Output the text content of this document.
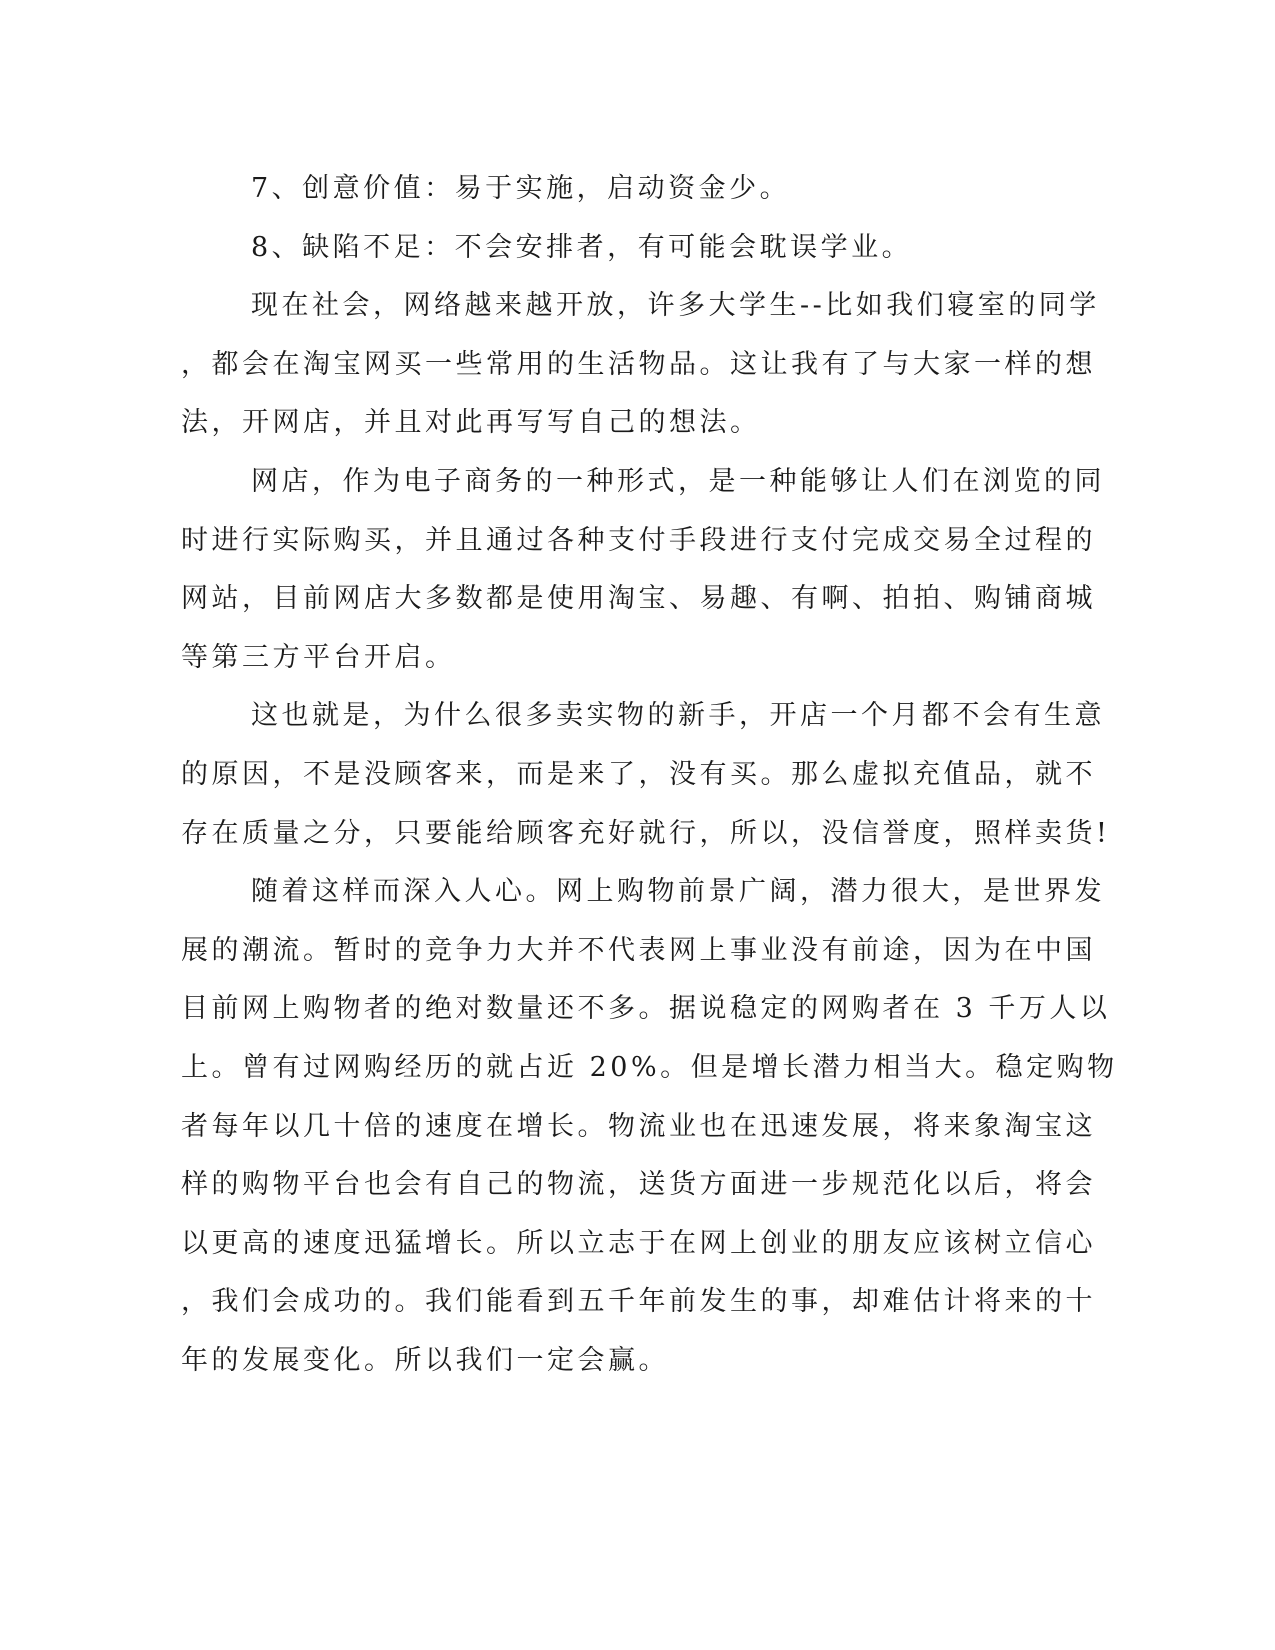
7、创意价值：易于实施，启动资金少。
8、缺陷不足：不会安排者，有可能会耽误学业。
现在社会，网络越来越开放，许多大学生--比如我们寝室的同学
，都会在淘宝网买一些常用的生活物品。这让我有了与大家一样的想
法，开网店，并且对此再写写自己的想法。
网店，作为电子商务的一种形式，是一种能够让人们在浏览的同
时进行实际购买，并且通过各种支付手段进行支付完成交易全过程的
网站，目前网店大多数都是使用淘宝、易趣、有啊、拍拍、购铺商城
等第三方平台开启。
这也就是，为什么很多卖实物的新手，开店一个月都不会有生意
的原因，不是没顾客来，而是来了，没有买。那么虚拟充值品，就不
存在质量之分，只要能给顾客充好就行，所以，没信誉度，照样卖货!
随着这样而深入人心。网上购物前景广阔，潜力很大，是世界发
展的潮流。暂时的竞争力大并不代表网上事业没有前途，因为在中国
目前网上购物者的绝对数量还不多。据说稳定的网购者在 3 千万人以
上。曾有过网购经历的就占近 20%。但是增长潜力相当大。稳定购物
者每年以几十倍的速度在增长。物流业也在迅速发展，将来象淘宝这
样的购物平台也会有自己的物流，送货方面进一步规范化以后，将会
以更高的速度迅猛增长。所以立志于在网上创业的朋友应该树立信心
，我们会成功的。我们能看到五千年前发生的事，却难估计将来的十
年的发展变化。所以我们一定会赢。
